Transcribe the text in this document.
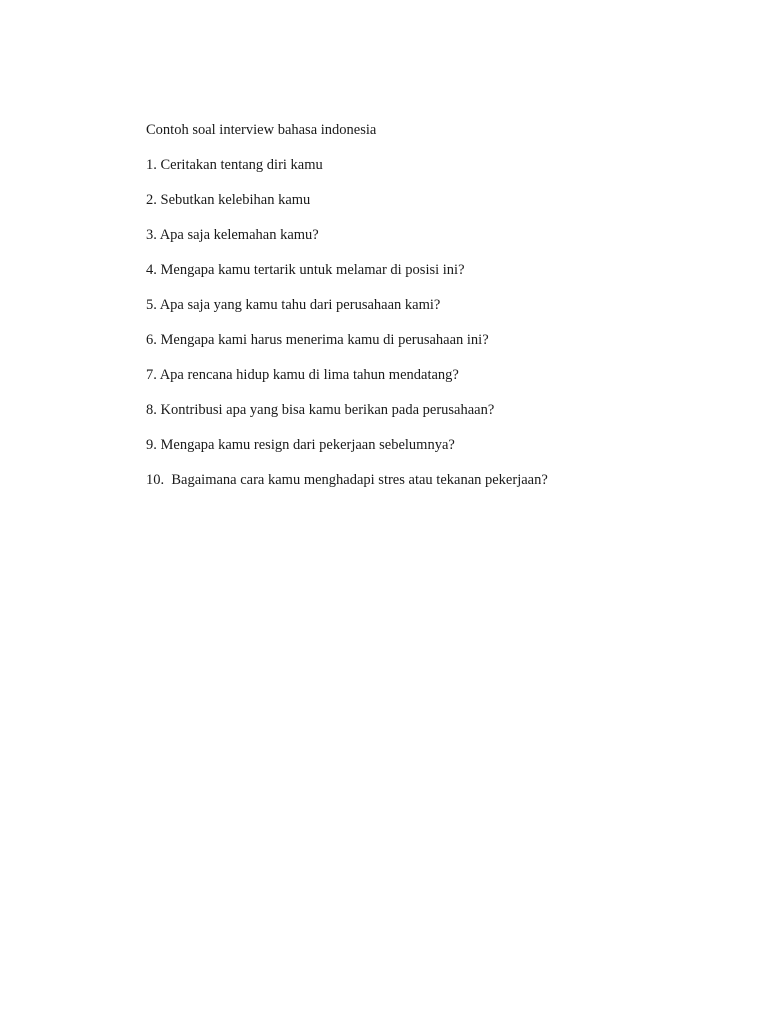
Contoh soal interview bahasa indonesia

1. Ceritakan tentang diri kamu
2. Sebutkan kelebihan kamu
3. Apa saja kelemahan kamu?
4. Mengapa kamu tertarik untuk melamar di posisi ini?
5. Apa saja yang kamu tahu dari perusahaan kami?
6. Mengapa kami harus menerima kamu di perusahaan ini?
7. Apa rencana hidup kamu di lima tahun mendatang?
8. Kontribusi apa yang bisa kamu berikan pada perusahaan?
9. Mengapa kamu resign dari pekerjaan sebelumnya?
10.  Bagaimana cara kamu menghadapi stres atau tekanan pekerjaan?
